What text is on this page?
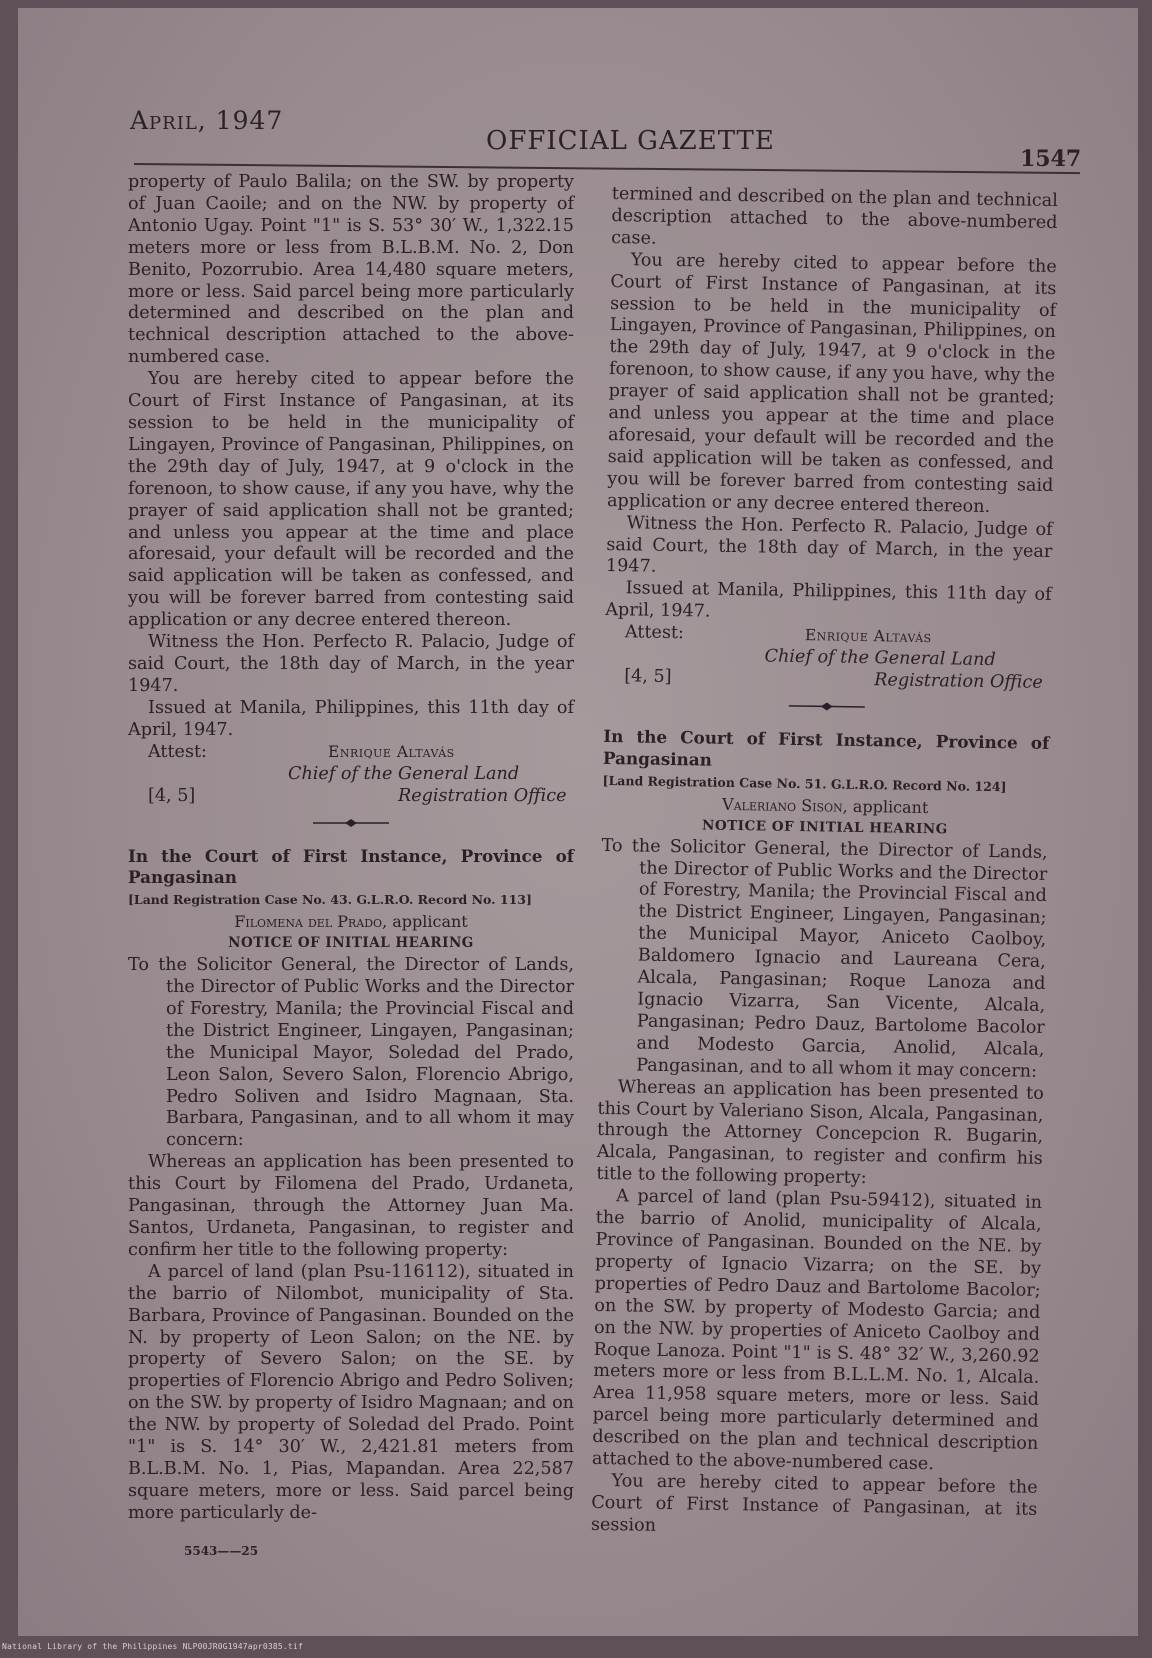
April, 1947
OFFICIAL GAZETTE
1547

property of Paulo Balila; on the SW. by property of Juan Caoile; and on the NW. by property of Antonio Ugay. Point "1" is S. 53° 30′ W., 1,322.15 meters more or less from B.L.B.M. No. 2, Don Benito, Pozorrubio. Area 14,480 square meters, more or less. Said parcel being more particularly determined and described on the plan and technical description attached to the above-numbered case.

You are hereby cited to appear before the Court of First Instance of Pangasinan, at its session to be held in the municipality of Lingayen, Province of Pangasinan, Philippines, on the 29th day of July, 1947, at 9 o'clock in the forenoon, to show cause, if any you have, why the prayer of said application shall not be granted; and unless you appear at the time and place aforesaid, your default will be recorded and the said application will be taken as confessed, and you will be forever barred from contesting said application or any decree entered thereon.

Witness the Hon. Perfecto R. Palacio, Judge of said Court, the 18th day of March, in the year 1947.

Issued at Manila, Philippines, this 11th day of April, 1947.

Attest:	Enrique Altavás
Chief of the General Land
[4, 5]	Registration Office

In the Court of First Instance, Province of Pangasinan

[Land Registration Case No. 43. G.L.R.O. Record No. 113]

Filomena del Prado, applicant

NOTICE OF INITIAL HEARING

To the Solicitor General, the Director of Lands, the Director of Public Works and the Director of Forestry, Manila; the Provincial Fiscal and the District Engineer, Lingayen, Pangasinan; the Municipal Mayor, Soledad del Prado, Leon Salon, Severo Salon, Florencio Abrigo, Pedro Soliven and Isidro Magnaan, Sta. Barbara, Pangasinan, and to all whom it may concern:

Whereas an application has been presented to this Court by Filomena del Prado, Urdaneta, Pangasinan, through the Attorney Juan Ma. Santos, Urdaneta, Pangasinan, to register and confirm her title to the following property:

A parcel of land (plan Psu-116112), situated in the barrio of Nilombot, municipality of Sta. Barbara, Province of Pangasinan. Bounded on the N. by property of Leon Salon; on the NE. by property of Severo Salon; on the SE. by properties of Florencio Abrigo and Pedro Soliven; on the SW. by property of Isidro Magnaan; and on the NW. by property of Soledad del Prado. Point "1" is S. 14° 30′ W., 2,421.81 meters from B.L.B.M. No. 1, Pias, Mapandan. Area 22,587 square meters, more or less. Said parcel being more particularly de-

5543——25

termined and described on the plan and technical description attached to the above-numbered case.

You are hereby cited to appear before the Court of First Instance of Pangasinan, at its session to be held in the municipality of Lingayen, Province of Pangasinan, Philippines, on the 29th day of July, 1947, at 9 o'clock in the forenoon, to show cause, if any you have, why the prayer of said application shall not be granted; and unless you appear at the time and place aforesaid, your default will be recorded and the said application will be taken as confessed, and you will be forever barred from contesting said application or any decree entered thereon.

Witness the Hon. Perfecto R. Palacio, Judge of said Court, the 18th day of March, in the year 1947.

Issued at Manila, Philippines, this 11th day of April, 1947.

Attest:	Enrique Altavás
Chief of the General Land
[4, 5]	Registration Office

In the Court of First Instance, Province of Pangasinan

[Land Registration Case No. 51. G.L.R.O. Record No. 124]

Valeriano Sison, applicant

NOTICE OF INITIAL HEARING

To the Solicitor General, the Director of Lands, the Director of Public Works and the Director of Forestry, Manila; the Provincial Fiscal and the District Engineer, Lingayen, Pangasinan; the Municipal Mayor, Aniceto Caolboy, Baldomero Ignacio and Laureana Cera, Alcala, Pangasinan; Roque Lanoza and Ignacio Vizarra, San Vicente, Alcala, Pangasinan; Pedro Dauz, Bartolome Bacolor and Modesto Garcia, Anolid, Alcala, Pangasinan, and to all whom it may concern:

Whereas an application has been presented to this Court by Valeriano Sison, Alcala, Pangasinan, through the Attorney Concepcion R. Bugarin, Alcala, Pangasinan, to register and confirm his title to the following property:

A parcel of land (plan Psu-59412), situated in the barrio of Anolid, municipality of Alcala, Province of Pangasinan. Bounded on the NE. by property of Ignacio Vizarra; on the SE. by properties of Pedro Dauz and Bartolome Bacolor; on the SW. by property of Modesto Garcia; and on the NW. by properties of Aniceto Caolboy and Roque Lanoza. Point "1" is S. 48° 32′ W., 3,260.92 meters more or less from B.L.L.M. No. 1, Alcala. Area 11,958 square meters, more or less. Said parcel being more particularly determined and described on the plan and technical description attached to the above-numbered case.

You are hereby cited to appear before the Court of First Instance of Pangasinan, at its session

National Library of the Philippines NLP00JR0G1947apr0385.tif
